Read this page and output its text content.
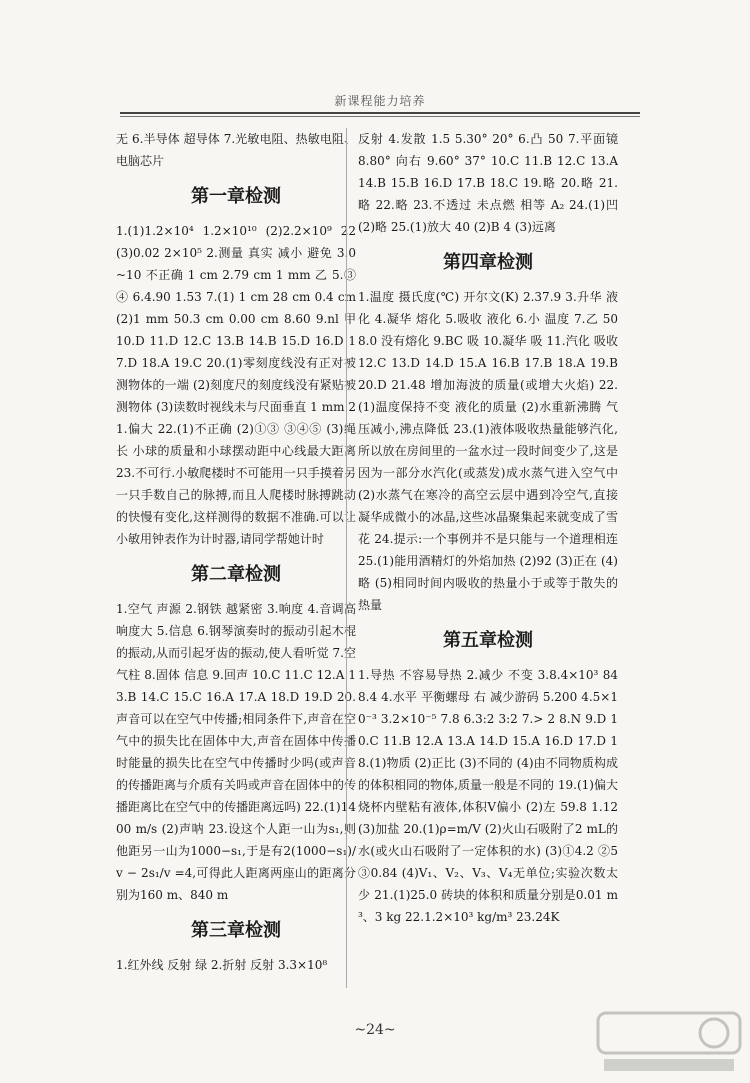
新课程能力培养

无 6.半导体 超导体 7.光敏电阻、热敏电阻、电脑芯片

第一章检测

1.(1)1.2×10⁴ 1.2×10¹⁰ (2)2.2×10⁹ 22 (3)0.02 2×10⁵ 2.测量 真实 减小 避免 3.0~10 不正确 1 cm 2.79 cm 1 mm 乙 5.③ ④ 6.4.90 1.53 7.(1) 1 cm 28 cm 0.4 cm (2)1 mm 50.3 cm 0.00 cm 8.60 9.nl 甲 10.D 11.D 12.C 13.B 14.B 15.D 16.D 17.D 18.A 19.C 20.(1)零刻度线没有正对被测物体的一端 (2)刻度尺的刻度线没有紧贴被测物体 (3)读数时视线未与尺面垂直 1 mm 21.偏大 22.(1)不正确 (2)①③ ③④⑤ (3)绳长 小球的质量和小球摆动距中心线最大距离 23.不可行.小敏爬楼时不可能用一只手摸着另一只手数自己的脉搏,而且人爬楼时脉搏跳动的快慢有变化,这样测得的数据不准确.可以让小敏用钟表作为计时器,请同学帮她计时

第二章检测

1.空气 声源 2.钢铁 越紧密 3.响度 4.音调高 响度大 5.信息 6.钢琴演奏时的振动引起木棍的振动,从而引起牙齿的振动,使人看听觉 7.空气柱 8.固体 信息 9.回声 10.C 11.C 12.A 13.B 14.C 15.C 16.A 17.A 18.D 19.D 20.声音可以在空气中传播;相同条件下,声音在空气中的损失比在固体中大,声音在固体中传播时能量的损失比在空气中传播时少吗(或声音的传播距离与介质有关吗或声音在固体中的传播距离比在空气中的传播距离远吗) 22.(1)1400 m/s (2)声呐 23.设这个人距一山为s₁,则他距另一山为1000−s₁,于是有2(1000−s₁)/v − 2s₁/v =4,可得此人距离两座山的距离分别为160 m、840 m

第三章检测

1.红外线 反射 绿 2.折射 反射 3.3×10⁸

反射 4.发散 1.5 5.30° 20° 6.凸 50 7.平面镜 8.80° 向右 9.60° 37° 10.C 11.B 12.C 13.A 14.B 15.B 16.D 17.B 18.C 19.略 20.略 21.略 22.略 23.不透过 未点燃 相等 A₂ 24.(1)凹 (2)略 25.(1)放大 40 (2)B 4 (3)远离

第四章检测

1.温度 摄氏度(℃) 开尔文(K) 2.37.9 3.升华 液化 4.凝华 熔化 5.吸收 液化 6.小 温度 7.乙 50 8.0 没有熔化 9.BC 吸 10.凝华 吸 11.汽化 吸收 12.C 13.D 14.D 15.A 16.B 17.B 18.A 19.B 20.D 21.48 增加海波的质量(或增大火焰) 22.(1)温度保持不变 液化的质量 (2)水重新沸腾 气压减小,沸点降低 23.(1)液体吸收热量能够汽化,所以放在房间里的一盆水过一段时间变少了,这是因为一部分水汽化(或蒸发)成水蒸气进入空气中 (2)水蒸气在寒冷的高空云层中遇到冷空气,直接凝华成微小的冰晶,这些冰晶聚集起来就变成了雪花 24.提示:一个事例并不是只能与一个道理相连 25.(1)能用酒精灯的外焰加热 (2)92 (3)正在 (4)略 (5)相同时间内吸收的热量小于或等于散失的热量

第五章检测

1.导热 不容易导热 2.减少 不变 3.8.4×10³ 84 8.4 4.水平 平衡螺母 右 减少游码 5.200 4.5×10⁻³ 3.2×10⁻⁵ 7.8 6.3:2 3:2 7.> 2 8.N 9.D 10.C 11.B 12.A 13.A 14.D 15.A 16.D 17.D 18.(1)物质 (2)正比 (3)不同的 (4)由不同物质构成的体积相同的物体,质量一般是不同的 19.(1)偏大 烧杯内壁粘有液体,体积V偏小 (2)左 59.8 1.12 (3)加盐 20.(1)ρ=m/V (2)火山石吸附了2 mL的水(或火山石吸附了一定体积的水) (3)①4.2 ②5 ③0.84 (4)V₁、V₂、V₃、V₄无单位;实验次数太少 21.(1)25.0 砖块的体积和质量分别是0.01 m³、3 kg 22.1.2×10³ kg/m³ 23.24K

~24~
